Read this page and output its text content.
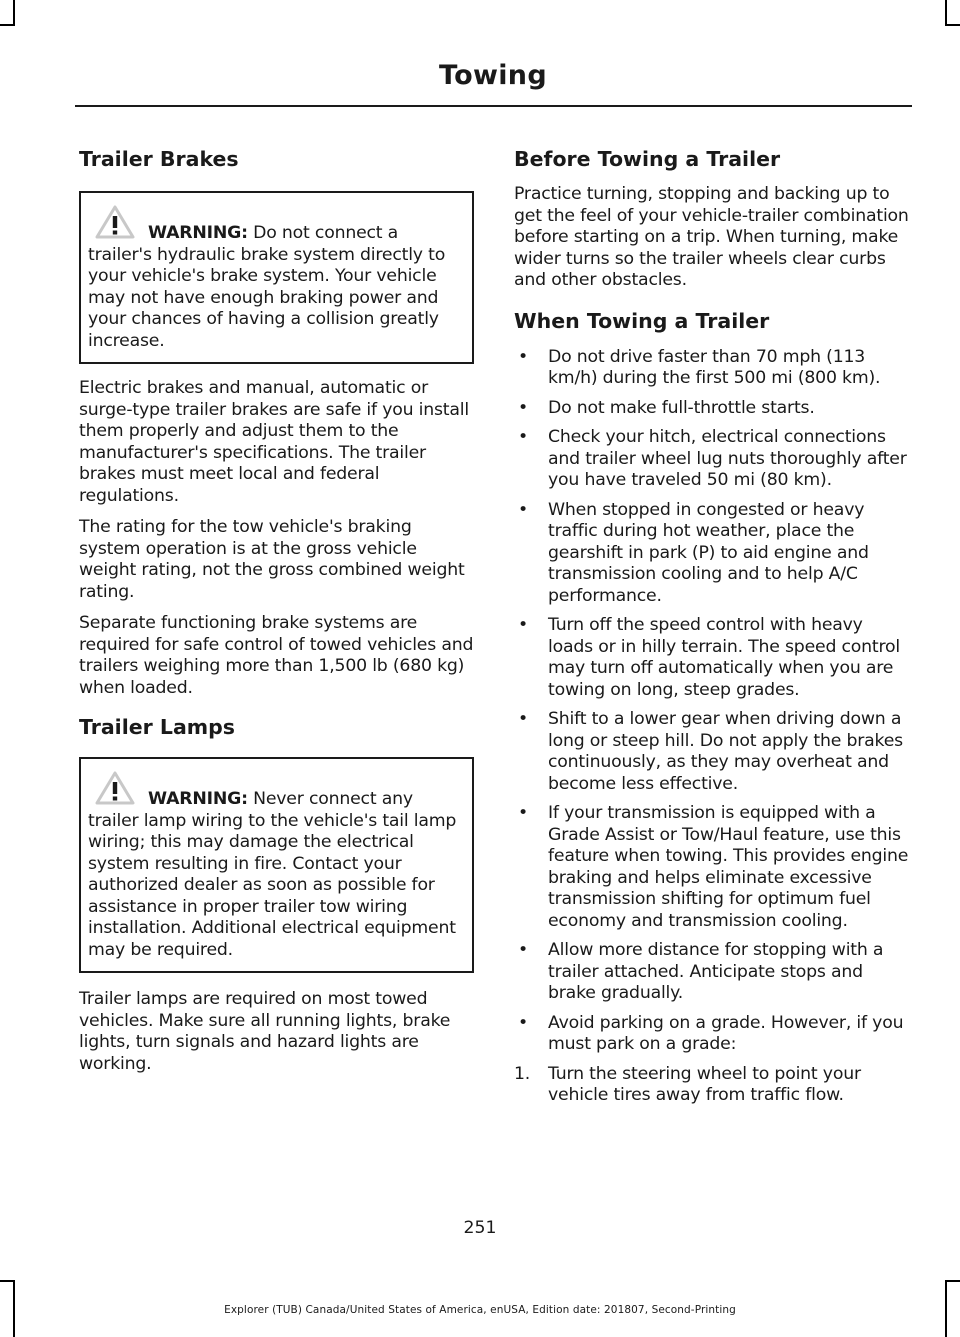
Towing
Trailer Brakes
WARNING: Do not connect a trailer's hydraulic brake system directly to your vehicle's brake system. Your vehicle may not have enough braking power and your chances of having a collision greatly increase.

Electric brakes and manual, automatic or surge-type trailer brakes are safe if you install them properly and adjust them to the manufacturer's specifications. The trailer brakes must meet local and federal regulations.

The rating for the tow vehicle's braking system operation is at the gross vehicle weight rating, not the gross combined weight rating.

Separate functioning brake systems are required for safe control of towed vehicles and trailers weighing more than 1,500 lb (680 kg) when loaded.

Trailer Lamps
WARNING: Never connect any trailer lamp wiring to the vehicle's tail lamp wiring; this may damage the electrical system resulting in fire. Contact your authorized dealer as soon as possible for assistance in proper trailer tow wiring installation. Additional electrical equipment may be required.

Trailer lamps are required on most towed vehicles. Make sure all running lights, brake lights, turn signals and hazard lights are working.

Before Towing a Trailer

Practice turning, stopping and backing up to get the feel of your vehicle-trailer combination before starting on a trip. When turning, make wider turns so the trailer wheels clear curbs and other obstacles.

When Towing a Trailer
• Do not drive faster than 70 mph (113 km/h) during the first 500 mi (800 km).
• Do not make full-throttle starts.
• Check your hitch, electrical connections and trailer wheel lug nuts thoroughly after you have traveled 50 mi (80 km).
• When stopped in congested or heavy traffic during hot weather, place the gearshift in park (P) to aid engine and transmission cooling and to help A/C performance.
• Turn off the speed control with heavy loads or in hilly terrain. The speed control may turn off automatically when you are towing on long, steep grades.
• Shift to a lower gear when driving down a long or steep hill. Do not apply the brakes continuously, as they may overheat and become less effective.
• If your transmission is equipped with a Grade Assist or Tow/Haul feature, use this feature when towing. This provides engine braking and helps eliminate excessive transmission shifting for optimum fuel economy and transmission cooling.
• Allow more distance for stopping with a trailer attached. Anticipate stops and brake gradually.
• Avoid parking on a grade. However, if you must park on a grade:
1. Turn the steering wheel to point your vehicle tires away from traffic flow.
251
Explorer (TUB) Canada/United States of America, enUSA, Edition date: 201807, Second-Printing
